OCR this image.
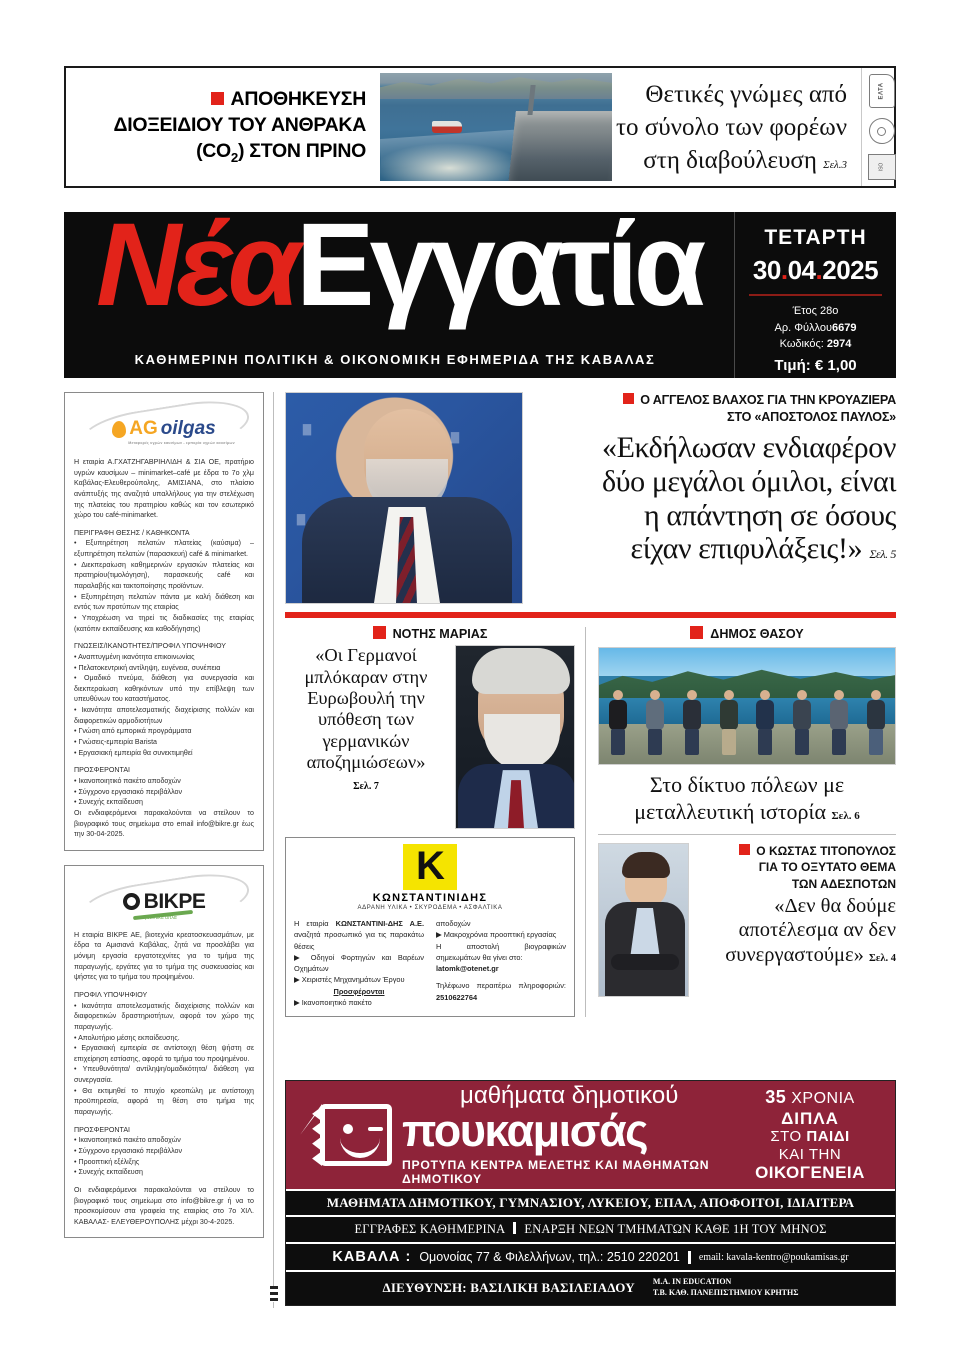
ΑΠΟΘΗΚΕΥΣΗ
ΔΙΟΞΕΙΔΙΟΥ ΤΟΥ ΑΝΘΡΑΚΑ
$(CO_2)$ ΣΤΟΝ ΠΡΙΝΟ
Θετικές γνώμες από
το σύνολο των φορέων
στη διαβούλευση Σελ.3
ΕΛΤΑ
ISO
ΝέαΕγγατία
ΚΑΘΗΜΕΡΙΝΗ ΠΟΛΙΤΙΚΗ & ΟΙΚΟΝΟΜΙΚΗ ΕΦΗΜΕΡΙΔΑ ΤΗΣ ΚΑΒΑΛΑΣ
ΤΕΤΑΡΤΗ
30.04.2025
Έτος 28ο
Αρ. Φύλλου6679
Κωδικός: 2974
Τιμή: € 1,00
AG oilgas
Μεταφορές υγρών καυσίμων - εμπορία υγρών καυσίμων

Η εταιρία Α.ΓΧΑΤΖΗΓΑΒΡΙΗΛΙΔΗ & ΣΙΑ ΟΕ, πρατήριο υγρών καυσίμων – minimarket–café με έδρα το 7ο χλμ Καβάλας-Ελευθερούπολης, ΑΜΙΣΙΑΝΑ, στο πλαίσιο ανάπτυξής της αναζητά υπαλλήλους για την στελέχωση της πλατείας του πρατηρίου καθώς και τον εσωτερικό χώρο του café-minimarket.

ΠΕΡΙΓΡΑΦΗ ΘΕΣΗΣ / ΚΑΘΗΚΟΝΤΑ

• Εξυπηρέτηση πελατών πλατείας (καύσιμα) – εξυπηρέτηση πελατών (παρασκευή) café & minimarket.

• Διεκπεραίωση καθημερινών εργασιών πλατείας και πρατηρίου(τιμολόγηση), παρασκευής café και παραλαβής και τακτοποίησης προϊόντων.

• Εξυπηρέτηση πελατών πάντα με καλή διάθεση και εντός των προτύπων της εταιρίας

• Υποχρέωση να τηρεί τις διαδικασίες της εταιρίας (κατόπιν εκπαίδευσης και καθοδήγησης)

ΓΝΩΣΕΙΣ/ΙΚΑΝΟΤΗΤΕΣ/ΠΡΟΦΙΛ ΥΠΟΨΗΦΙΟΥ

• Αναπτυγμένη ικανότητα επικοινωνίας

• Πελατοκεντρική αντίληψη, ευγένεια, συνέπεια

• Ομαδικό πνεύμα, διάθεση για συνεργασία και διεκπεραίωση καθηκόντων υπό την επίβλεψη των υπευθύνων του καταστήματος.

• Ικανότητα αποτελεσματικής διαχείρισης πολλών και διαφορετικών αρμοδιοτήτων

• Γνώση από εμπορικά προγράμματα

• Γνώσεις-εμπειρία Barista

• Εργασιακή εμπειρία θα συνεκτιμηθεί

ΠΡΟΣΦΕΡΟΝΤΑΙ

• Ικανοποιητικό πακέτο αποδοχών

• Σύγχρονο εργασιακό περιβάλλον

• Συνεχής εκπαίδευση

Οι ενδιαφερόμενοι παρακαλούνται να στείλουν το βιογραφικό τους σημείωμα στο email info@bikre.gr έως την 30-04-2025.

ΒΙΚΡΕ
γευστικά απλά

Η εταιρία ΒΙΚΡΕ ΑΕ, βιοτεχνία κρεατοσκευασμάτων, με έδρα τα Αμισιανά Καβάλας, ζητά να προσλάβει για μόνιμη εργασία εργατοτεχνίτες για το τμήμα της παραγωγής, εργάτες για το τμήμα της συσκευασίας και ψήστες για το τμήμα του προψημένου.

ΠΡΟΦΙΛ ΥΠΟΨΗΦΙΟΥ

• Ικανότητα αποτελεσματικής διαχείρισης πολλών και διαφορετικών δραστηριοτήτων, αφορά τον χώρο της παραγωγής.

• Απολυτήριο μέσης εκπαίδευσης.

• Εργασιακή εμπειρία σε αντίστοιχη θέση ψήστη σε επιχείρηση εστίασης, αφορά το τμήμα του προψημένου.

• Υπευθυνότητα/ αντίληψη/ομαδικότητα/ διάθεση για συνεργασία.

• Θα εκτιμηθεί το πτυχίο κρεοπώλη με αντίστοιχη προϋπηρεσία, αφορά τη θέση στο τμήμα της παραγωγής.

ΠΡΟΣΦΕΡΟΝΤΑΙ

• Ικανοποιητικό πακέτο αποδοχών

• Σύγχρονο εργασιακό περιβάλλον

• Προοπτική εξέλιξης

• Συνεχής εκπαίδευση

Οι ενδιαφερόμενοι παρακαλούνται να στείλουν το βιογραφικό τους σημείωμα στο info@bikre.gr ή να το προσκομίσουν στα γραφεία της εταιρίας στο 7ο ΧΙΛ. ΚΑΒΑΛΑΣ- ΕΛΕΥΘΕΡΟΥΠΟΛΗΣ μέχρι 30-4-2025.

∎	∎
∎
Ο ΑΓΓΕΛΟΣ ΒΛΑΧΟΣ ΓΙΑ ΤΗΝ ΚΡΟΥΑΖΙΕΡΑ
ΣΤΟ «ΑΠΟΣΤΟΛΟΣ ΠΑΥΛΟΣ»
«Εκδήλωσαν ενδιαφέρον
δύο μεγάλοι όμιλοι, είναι
η απάντηση σε όσους
είχαν επιφυλάξεις!» Σελ. 5
ΝΟΤΗΣ ΜΑΡΙΑΣ
«Οι Γερμανοί
μπλόκαραν στην
Ευρωβουλή την
υπόθεση των
γερμανικών
αποζημιώσεων»
Σελ. 7
K
ΚΩΝΣΤΑΝΤΙΝΙΔΗΣ
ΑΔΡΑΝΗ ΥΛΙΚΑ • ΣΚΥΡΟΔΕΜΑ • ΑΣΦΑΛΤΙΚΑ

Η εταιρία ΚΩΝΣΤΑΝΤΙΝΙ-ΔΗΣ Α.Ε. αναζητά προσωπικό για τις παρακάτω θέσεις

▶ Οδηγοί Φορτηγών και Βαρέων Οχημάτων

▶ Χειριστές Μηχανημάτων Έργου

Προσφέρονται

▶ Ικανοποιητικό πακέτο

αποδοχών

▶ Μακροχρόνια προοπτική εργασίας

Η αποστολή βιογραφικών σημειωμάτων θα γίνει στο:

latomk@otenet.gr

Τηλέφωνο περαιτέρω πληροφοριών: 2510622764

ΔΗΜΟΣ ΘΑΣΟΥ
Στο δίκτυο πόλεων με
μεταλλευτική ιστορία Σελ. 6
Ο ΚΩΣΤΑΣ ΤΙΤΟΠΟΥΛΟΣ
ΓΙΑ ΤΟ ΟΞΥΤΑΤΟ ΘΕΜΑ
ΤΩΝ ΑΔΕΣΠΟΤΩΝ
«Δεν θα δούμε
αποτέλεσμα αν δεν
συνεργαστούμε» Σελ. 4
μαθήματα δημοτικού
πουκαμισάς
ΠΡΟΤΥΠΑ ΚΕΝΤΡΑ ΜΕΛΕΤΗΣ ΚΑΙ ΜΑΘΗΜΑΤΩΝ ΔΗΜΟΤΙΚΟΥ
35 ΧΡΟΝΙΑ
ΔΙΠΛΑ
ΣΤΟ ΠΑΙΔΙ
ΚΑΙ ΤΗΝ
ΟΙΚΟΓΕΝΕΙΑ
ΜΑΘΗΜΑΤΑ ΔΗΜΟΤΙΚΟΥ, ΓΥΜΝΑΣΙΟΥ, ΛΥΚΕΙΟΥ, ΕΠΑΛ, ΑΠΟΦΟΙΤΟΙ, ΙΔΙΑΙΤΕΡΑ
ΕΓΓΡΑΦΕΣ ΚΑΘΗΜΕΡΙΝΑ ΕΝΑΡΞΗ ΝΕΩΝ ΤΜΗΜΑΤΩΝ ΚΑΘΕ 1Η ΤΟΥ ΜΗΝΟΣ
ΚΑΒΑΛΑ : Ομονοίας 77 & Φιλελλήνων, τηλ.: 2510 220201 email: kavala-kentro@poukamisas.gr
ΔΙΕΥΘΥΝΣΗ: ΒΑΣΙΛΙΚΗ ΒΑΣΙΛΕΙΑΔΟΥ M.A. IN EDUCATION
Τ.Β. ΚΑΘ. ΠΑΝΕΠΙΣΤΗΜΙΟΥ ΚΡΗΤΗΣ
